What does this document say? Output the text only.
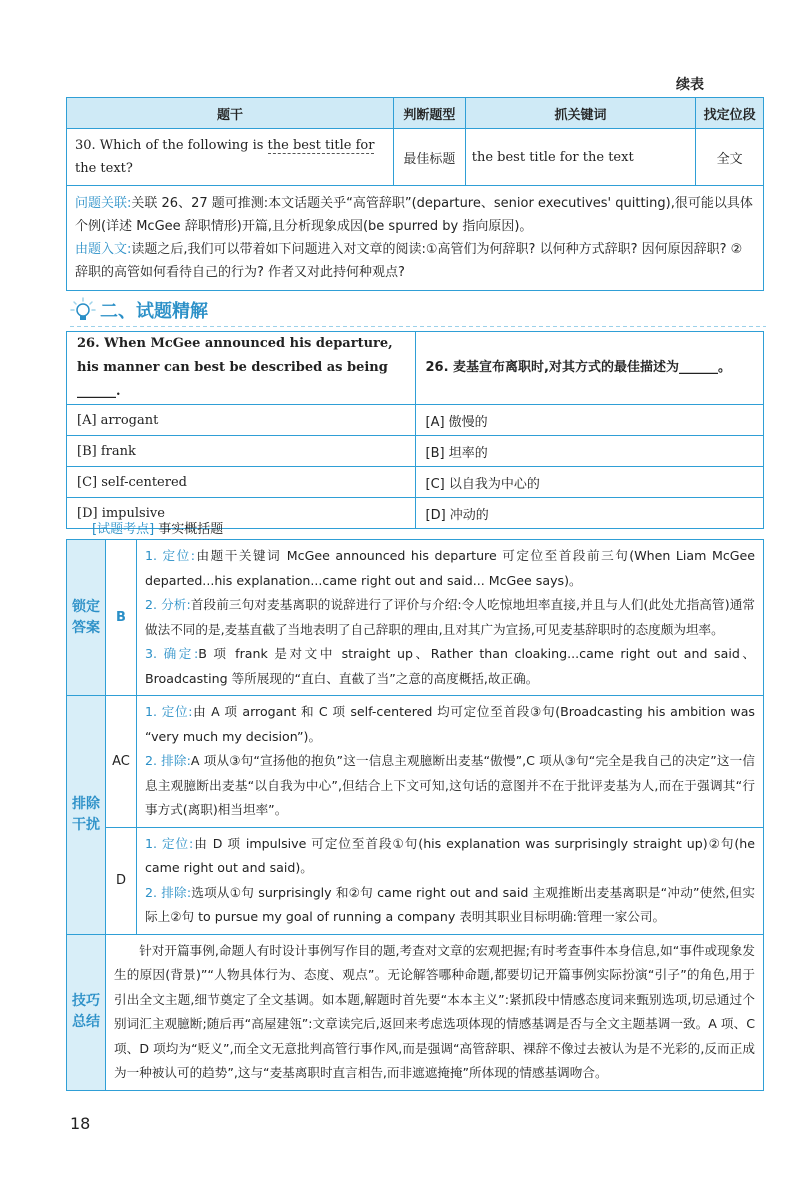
续表
题干	判断题型	抓关键词	找定位段
30. Which of the following is the best title for
the text?	最佳标题	the best title for the text	全文

问题关联:关联 26、27 题可推测:本文话题关乎“高管辞职”(departure、senior executives' quitting),很可能以具体个例(详述 McGee 辞职情形)开篇,且分析现象成因(be spurred by 指向原因)。
由题入文:读题之后,我们可以带着如下问题进入对文章的阅读:①高管们为何辞职? 以何种方式辞职? 因何原因辞职? ②辞职的高管如何看待自己的行为? 作者又对此持何种观点?			
二、试题精解
26. When McGee announced his departure, his manner can best be described as being ______.	26. 麦基宣布离职时,对其方式的最佳描述为______。
[A] arrogant	[A] 傲慢的
[B] frank	[B] 坦率的
[C] self-centered	[C] 以自我为中心的
[D] impulsive	[D] 冲动的
[试题考点] 事实概括题
锁定答案	B	1. 定位:由题干关键词 McGee announced his departure 可定位至首段前三句(When Liam McGee departed...his explanation...came right out and said... McGee says)。
2. 分析:首段前三句对麦基离职的说辞进行了评价与介绍:令人吃惊地坦率直接,并且与人们(此处尤指高管)通常做法不同的是,麦基直截了当地表明了自己辞职的理由,且对其广为宣扬,可见麦基辞职时的态度颇为坦率。
3. 确定:B 项 frank 是对文中 straight up、Rather than cloaking...came right out and said、Broadcasting 等所展现的“直白、直截了当”之意的高度概括,故正确。

排除干扰	AC	1. 定位:由 A 项 arrogant 和 C 项 self-centered 均可定位至首段③句(Broadcasting his ambition was “very much my decision”)。
2. 排除:A 项从③句“宣扬他的抱负”这一信息主观臆断出麦基“傲慢”,C 项从③句“完全是我自己的决定”这一信息主观臆断出麦基“以自我为中心”,但结合上下文可知,这句话的意图并不在于批评麦基为人,而在于强调其“行事方式(离职)相当坦率”。

	D	1. 定位:由 D 项 impulsive 可定位至首段①句(his explanation was surprisingly straight up)②句(he came right out and said)。
2. 排除:选项从①句 surprisingly 和②句 came right out and said 主观推断出麦基离职是“冲动”使然,但实际上②句 to pursue my goal of running a company 表明其职业目标明确:管理一家公司。

技巧总结	针对开篇事例,命题人有时设计事例写作目的题,考查对文章的宏观把握;有时考查事件本身信息,如“事件或现象发生的原因(背景)”“人物具体行为、态度、观点”。无论解答哪种命题,都要切记开篇事例实际扮演“引子”的角色,用于引出全文主题,细节奠定了全文基调。如本题,解题时首先要“本本主义”:紧抓段中情感态度词来甄别选项,切忌通过个别词汇主观臆断;随后再“高屋建瓴”:文章读完后,返回来考虑选项体现的情感基调是否与全文主题基调一致。A 项、C 项、D 项均为“贬义”,而全文无意批判高管行事作风,而是强调“高管辞职、裸辞不像过去被认为是不光彩的,反而正成为一种被认可的趋势”,这与“麦基离职时直言相告,而非遮遮掩掩”所体现的情感基调吻合。	
18
